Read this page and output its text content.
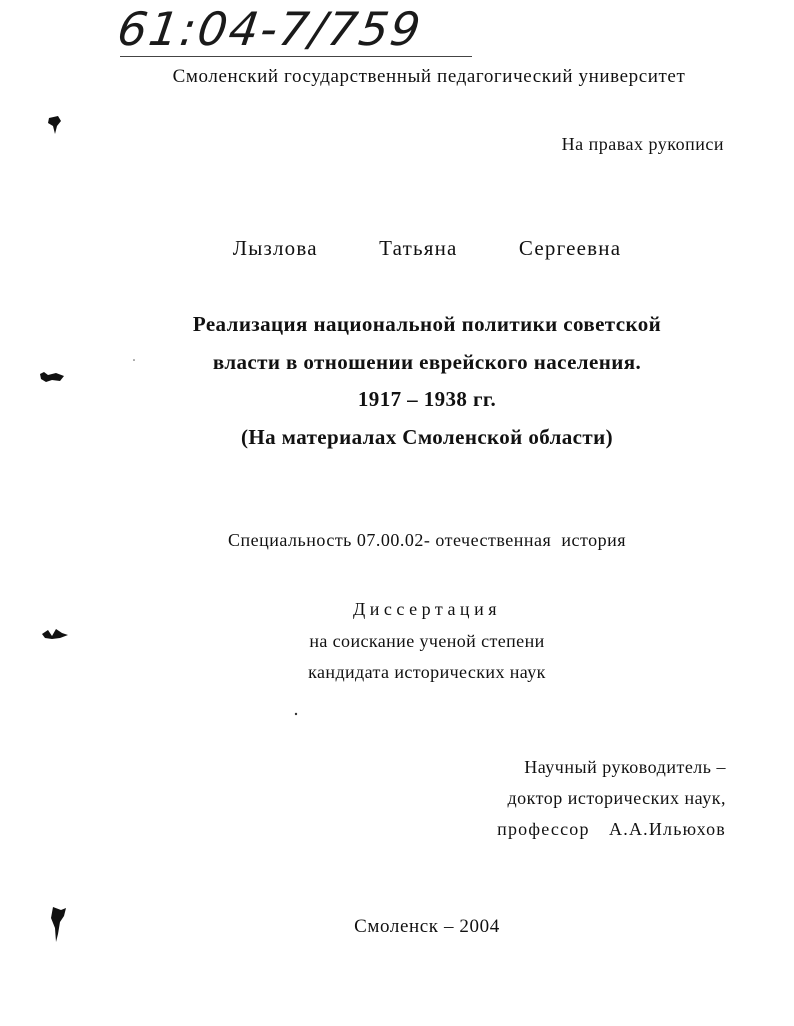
61:04-7/759
Смоленский государственный педагогический университет
На правах рукописи
Лызлова   Татьяна   Сергеевна
Реализация национальной политики советской
власти в отношении еврейского населения.
1917 – 1938 гг.
(На материалах Смоленской области)
Специальность 07.00.02- отечественная  история
Диссертация
на соискание ученой степени
кандидата исторических наук
Научный руководитель –
доктор исторических наук,
профессор  А.А.Ильюхов
Смоленск – 2004
